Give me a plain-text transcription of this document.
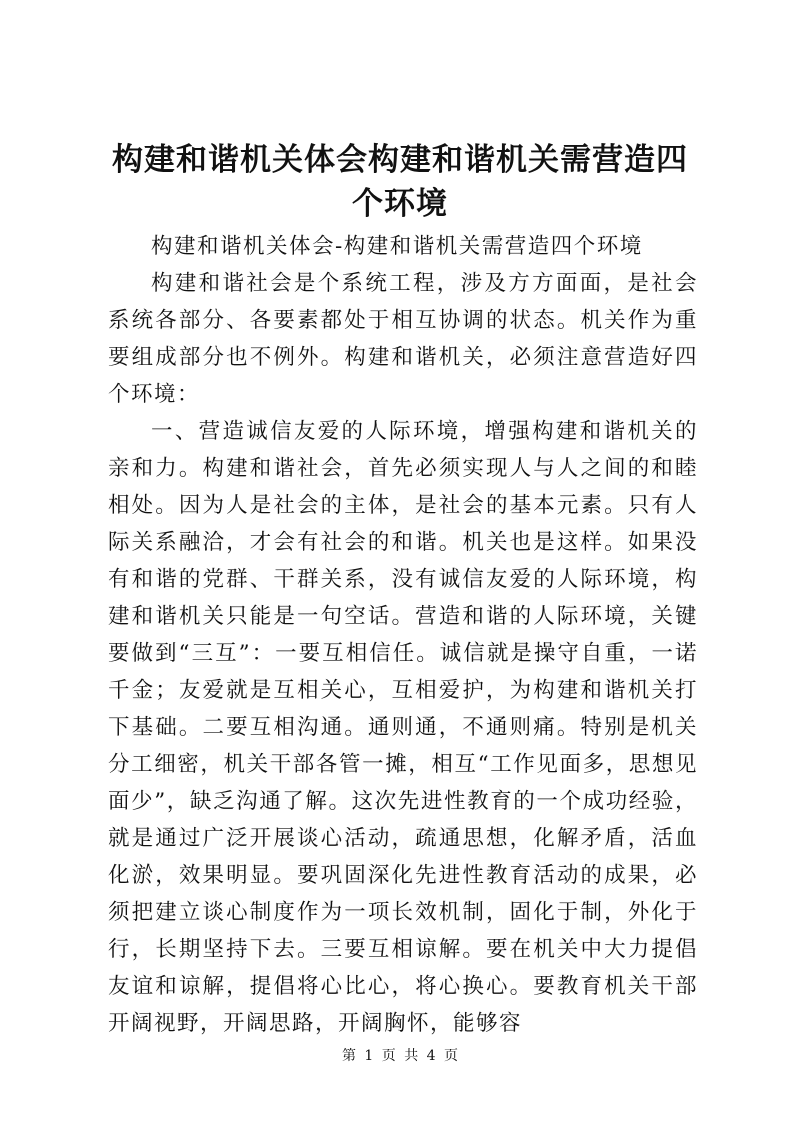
构建和谐机关体会构建和谐机关需营造四个环境

构建和谐机关体会-构建和谐机关需营造四个环境

构建和谐社会是个系统工程，涉及方方面面，是社会系统各部分、各要素都处于相互协调的状态。机关作为重要组成部分也不例外。构建和谐机关，必须注意营造好四个环境：

一、营造诚信友爱的人际环境，增强构建和谐机关的亲和力。构建和谐社会，首先必须实现人与人之间的和睦相处。因为人是社会的主体，是社会的基本元素。只有人际关系融洽，才会有社会的和谐。机关也是这样。如果没有和谐的党群、干群关系，没有诚信友爱的人际环境，构建和谐机关只能是一句空话。营造和谐的人际环境，关键要做到“三互”：一要互相信任。诚信就是操守自重，一诺千金；友爱就是互相关心，互相爱护，为构建和谐机关打下基础。二要互相沟通。通则通，不通则痛。特别是机关分工细密，机关干部各管一摊，相互“工作见面多，思想见面少”，缺乏沟通了解。这次先进性教育的一个成功经验，就是通过广泛开展谈心活动，疏通思想，化解矛盾，活血化淤，效果明显。要巩固深化先进性教育活动的成果，必须把建立谈心制度作为一项长效机制，固化于制，外化于行，长期坚持下去。三要互相谅解。要在机关中大力提倡友谊和谅解，提倡将心比心，将心换心。要教育机关干部开阔视野，开阔思路，开阔胸怀，能够容

第 1 页 共 4 页
